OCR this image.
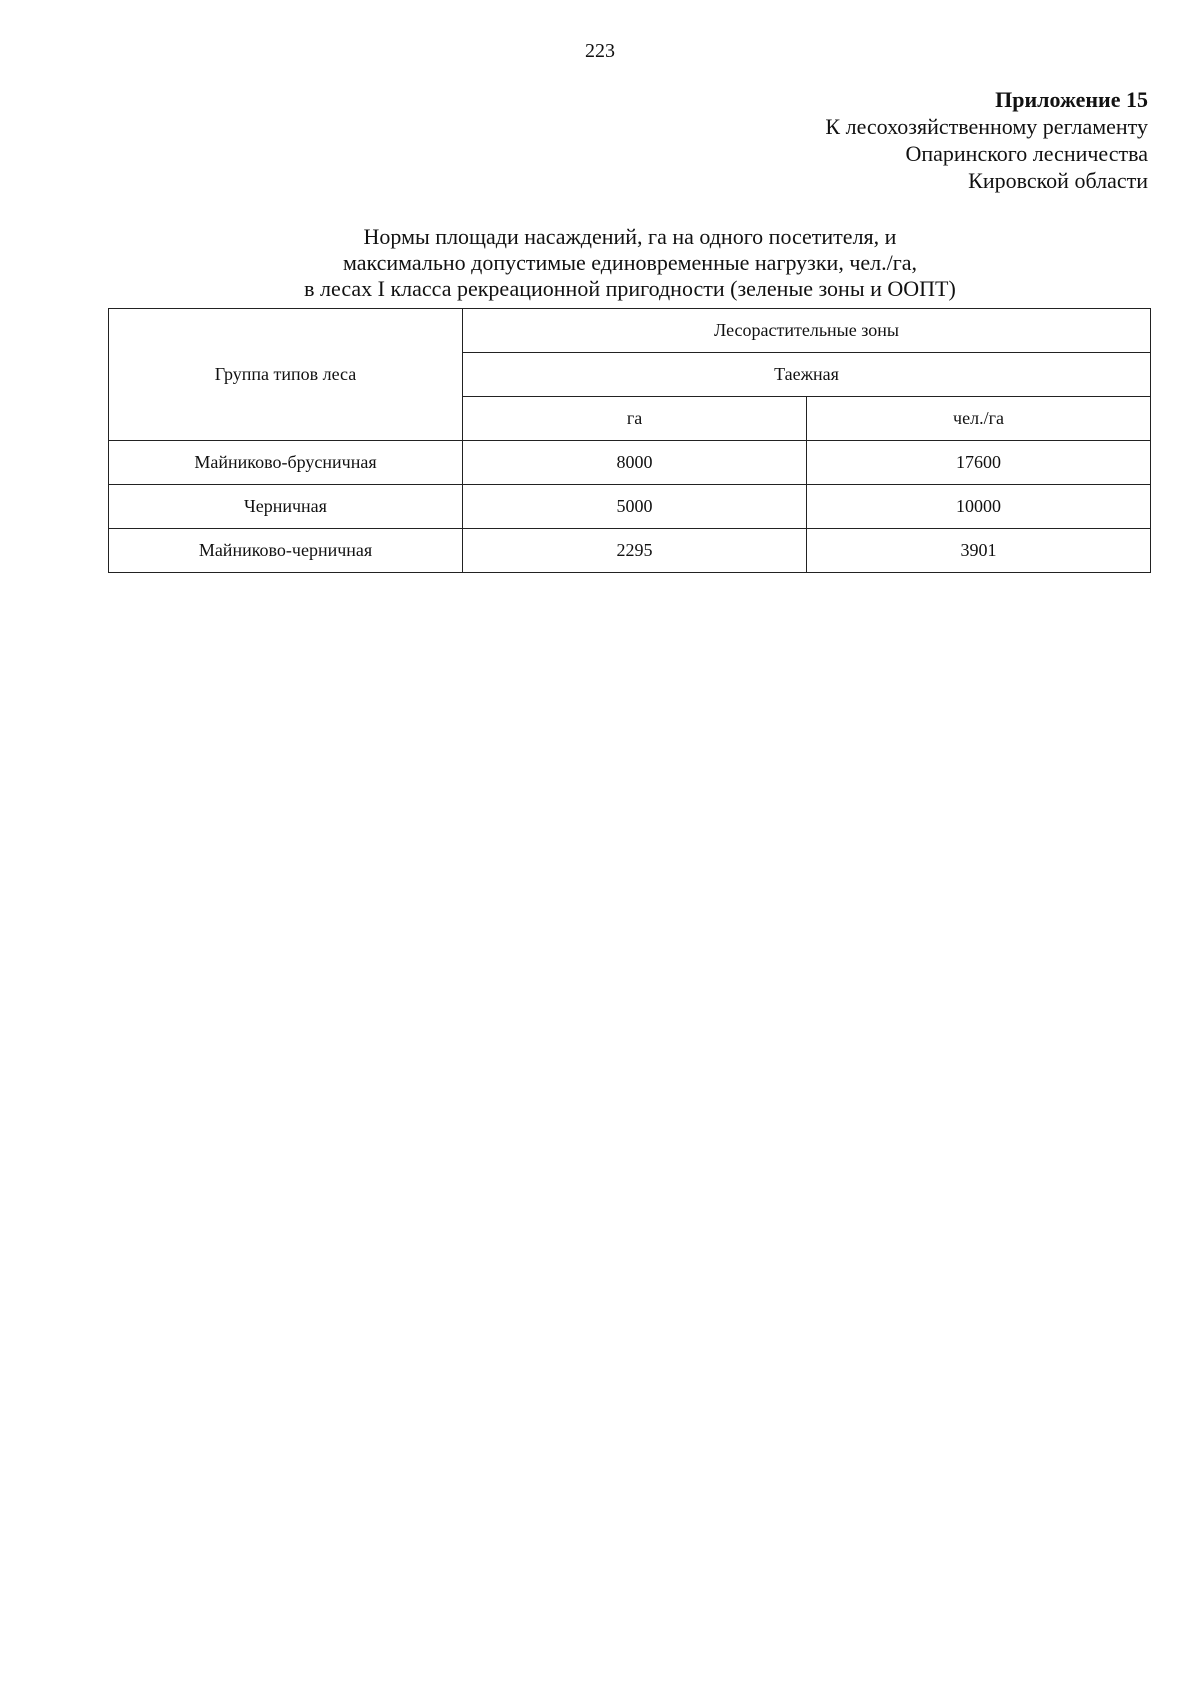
223
Приложение 15
К лесохозяйственному регламенту
Опаринского лесничества
Кировской области
Нормы площади насаждений, га на одного посетителя, и
максимально допустимые единовременные нагрузки, чел./га,
в лесах I класса рекреационной пригодности (зеленые зоны и ООПТ)
Группа типов леса	Лесорастительные зоны	
	Таежная	
	га	чел./га
Майниково-брусничная	8000	17600
Черничная	5000	10000
Майниково-черничная	2295	3901
